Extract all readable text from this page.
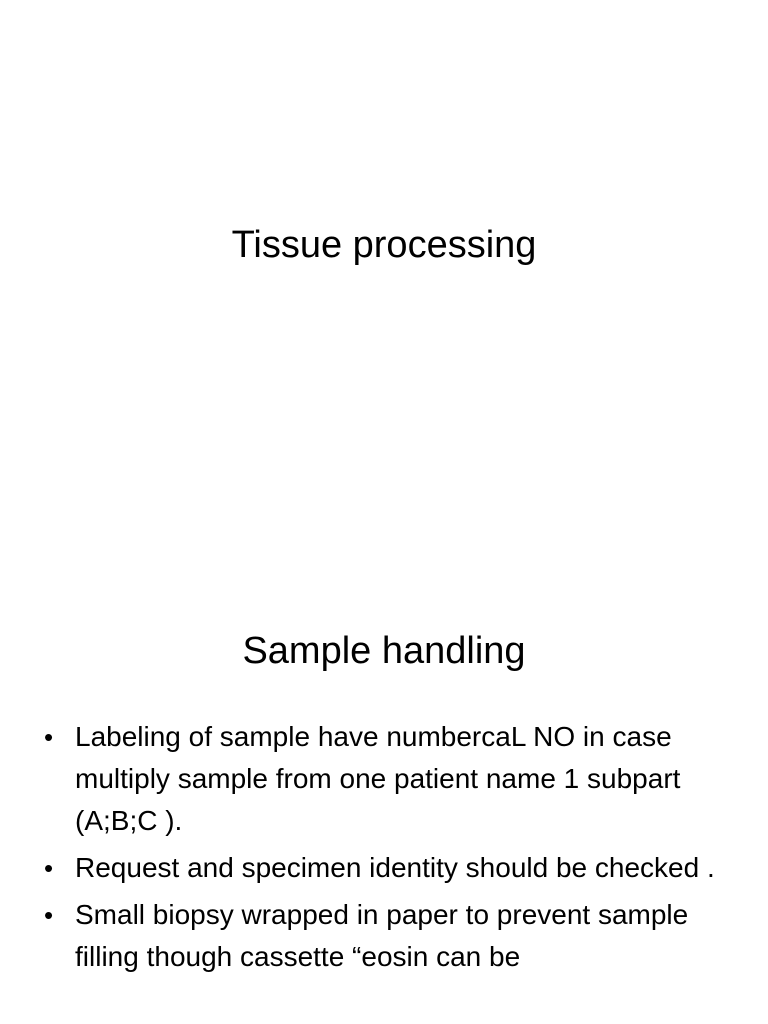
Tissue processing
Sample handling
• Labeling of sample have numbercaL NO in case multiply sample from one patient name 1 subpart (A;B;C ).
• Request and specimen identity should be checked .
• Small biopsy wrapped in paper to prevent sample filling though cassette “eosin can be
